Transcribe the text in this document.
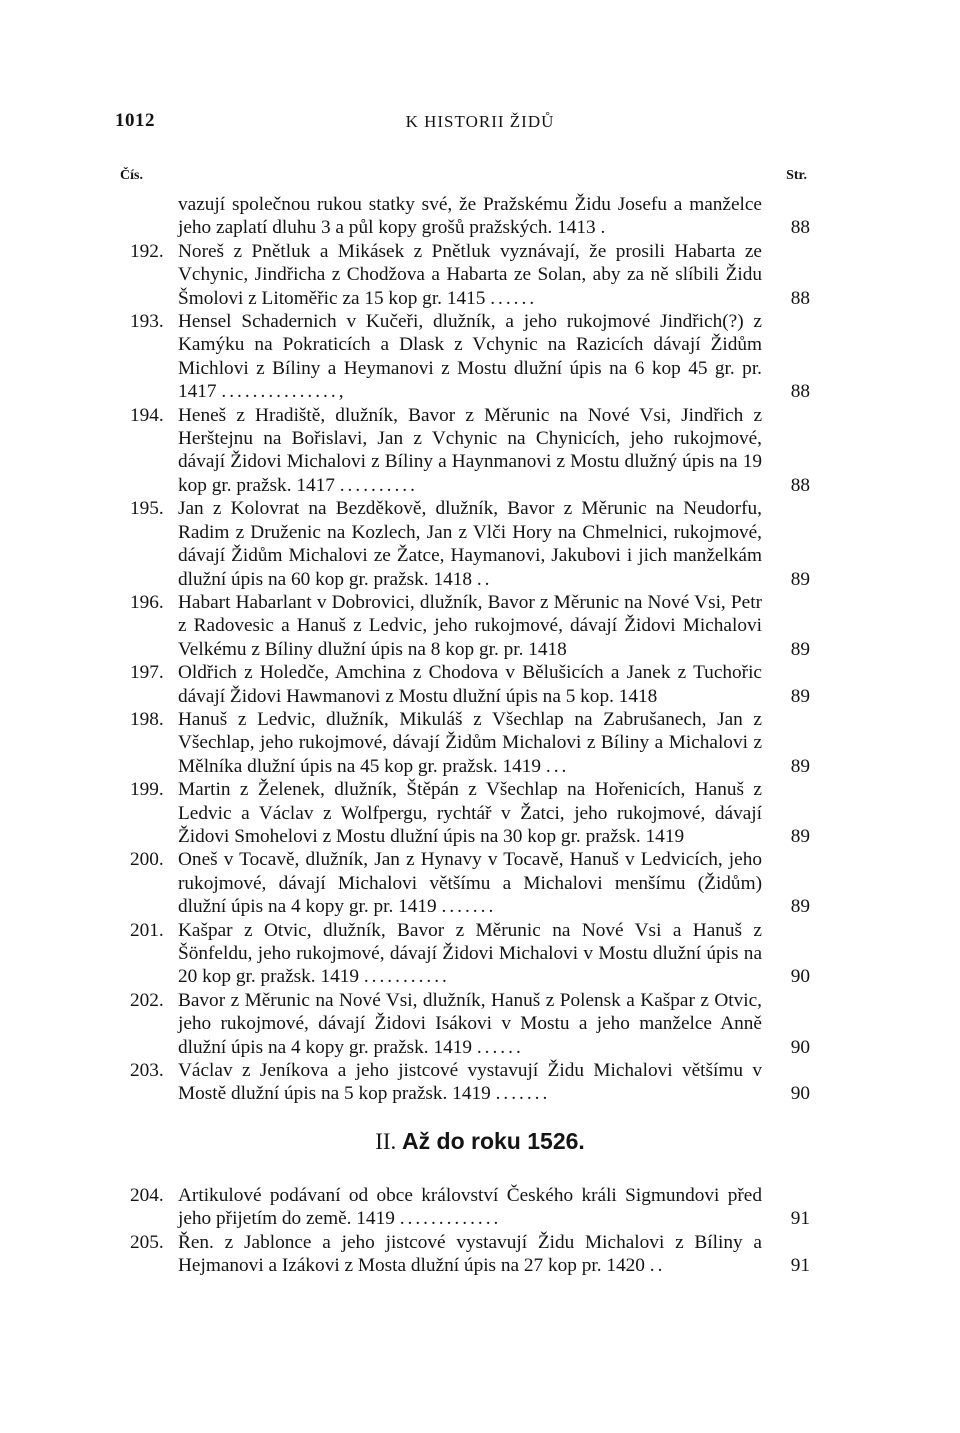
1012	K HISTORII ŽIDŮ
Čís.	Str.
vazují společnou rukou statky své, že Pražskému Židu Josefu a manželce jeho zaplatí dluhu 3 a půl kopy grošů pražských. 1413 .	88
192. Noreš z Pnětluk a Mikásek z Pnětluk vyznávají, že prosili Habarta ze Vchynic, Jindřicha z Chodžova a Habarta ze Solan, aby za ně slíbili Židu Šmolovi z Litoměřic za 15 kop gr. 1415 ......	88
193. Hensel Schadernich v Kučeři, dlužník, a jeho rukojmové Jindřich(?) z Kamýku na Pokraticích a Dlask z Vchynic na Razicích dávají Židům Michlovi z Bíliny a Heymanovi z Mostu dlužní úpis na 6 kop 45 gr. pr. 1417 ...............,	88
194. Heneš z Hradiště, dlužník, Bavor z Měrunic na Nové Vsi, Jindřich z Herštejnu na Bořislavi, Jan z Vchynic na Chynicích, jeho rukojmové, dávají Židovi Michalovi z Bíliny a Haynmanovi z Mostu dlužný úpis na 19 kop gr. pražsk. 1417 ..........	88
195. Jan z Kolovrat na Bezděkově, dlužník, Bavor z Měrunic na Neudorfu, Radim z Druženic na Kozlech, Jan z Vlči Hory na Chmelnici, rukojmové, dávají Židům Michalovi ze Žatce, Haymanovi, Jakubovi i jich manželkám dlužní úpis na 60 kop gr. pražsk. 1418 ..	89
196. Habart Habarlant v Dobrovici, dlužník, Bavor z Měrunic na Nové Vsi, Petr z Radovesic a Hanuš z Ledvic, jeho rukojmové, dávají Židovi Michalovi Velkému z Bíliny dlužní úpis na 8 kop gr. pr. 1418	89
197. Oldřich z Holedče, Amchina z Chodova v Bělušicích a Janek z Tuchořic dávají Židovi Hawmanovi z Mostu dlužní úpis na 5 kop. 1418	89
198. Hanuš z Ledvic, dlužník, Mikuláš z Všechlap na Zabrušanech, Jan z Všechlap, jeho rukojmové, dávají Židům Michalovi z Bíliny a Michalovi z Mělníka dlužní úpis na 45 kop gr. pražsk. 1419 ...	89
199. Martin z Želenek, dlužník, Štěpán z Všechlap na Hořenicích, Hanuš z Ledvic a Václav z Wolfpergu, rychtář v Žatci, jeho rukojmové, dávají Židovi Smohelovi z Mostu dlužní úpis na 30 kop gr. pražsk. 1419	89
200. Oneš v Tocavě, dlužník, Jan z Hynavy v Tocavě, Hanuš v Ledvicích, jeho rukojmové, dávají Michalovi většímu a Michalovi menšímu (Židům) dlužní úpis na 4 kopy gr. pr. 1419 .......	89
201. Kašpar z Otvic, dlužník, Bavor z Měrunic na Nové Vsi a Hanuš z Šönfeldu, jeho rukojmové, dávají Židovi Michalovi v Mostu dlužní úpis na 20 kop gr. pražsk. 1419 ...........	90
202. Bavor z Měrunic na Nové Vsi, dlužník, Hanuš z Polensk a Kašpar z Otvic, jeho rukojmové, dávají Židovi Isákovi v Mostu a jeho manželce Anně dlužní úpis na 4 kopy gr. pražsk. 1419 ......	90
203. Václav z Jeníkova a jeho jistcové vystavují Židu Michalovi většímu v Mostě dlužní úpis na 5 kop pražsk. 1419 .......	90
II. Až do roku 1526.
204. Artikulové podávaní od obce království Českého králi Sigmundovi před jeho přijetím do země. 1419 .............	91
205. Řen. z Jablonce a jeho jistcové vystavují Židu Michalovi z Bíliny a Hejmanovi a Izákovi z Mosta dlužní úpis na 27 kop pr. 1420 ..	91
